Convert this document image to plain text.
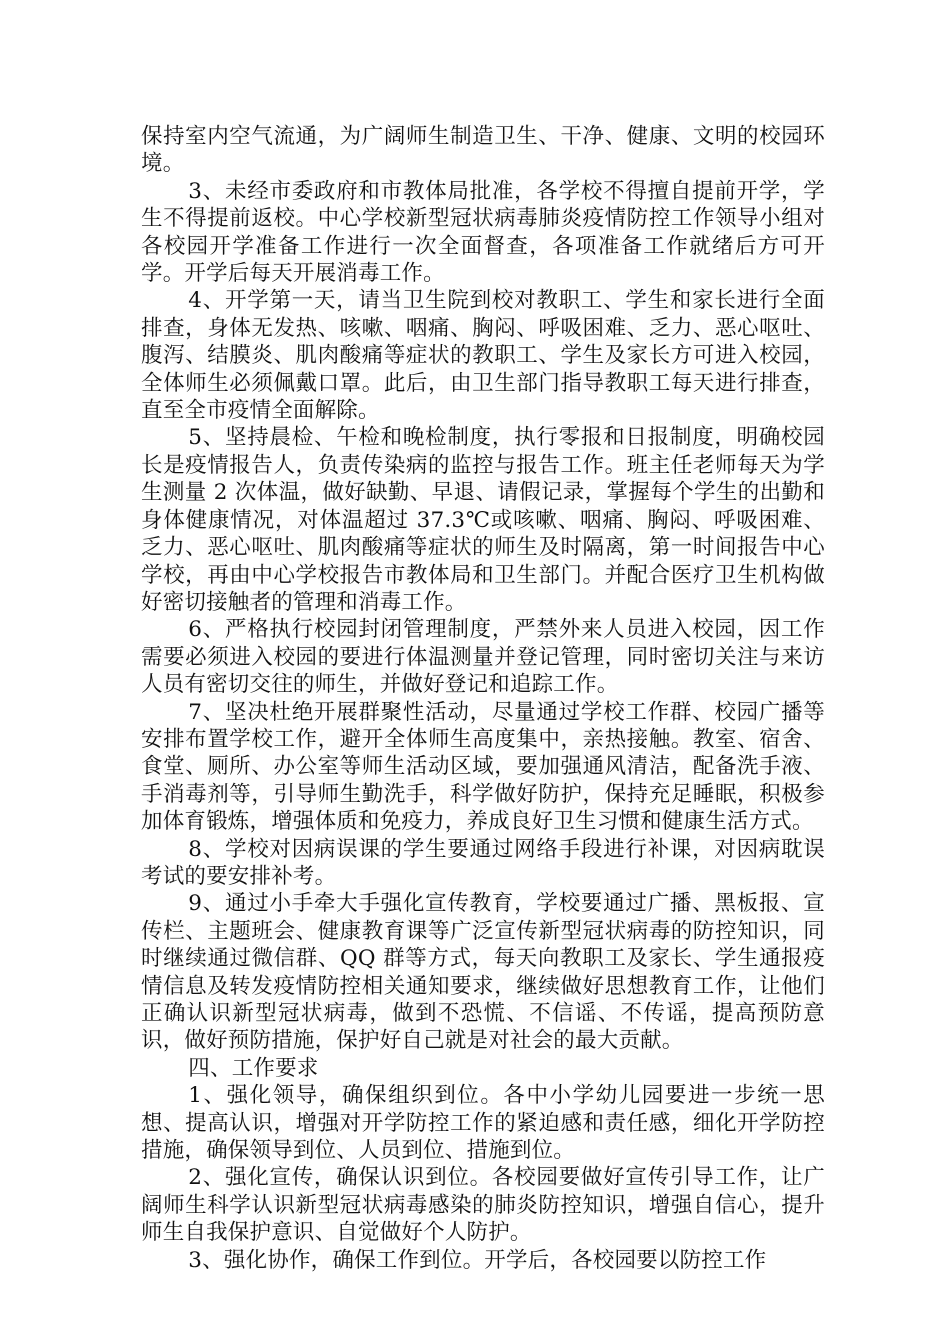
保持室内空气流通，为广阔师生制造卫生、干净、健康、文明的校园环境。

3、未经市委政府和市教体局批准，各学校不得擅自提前开学，学生不得提前返校。中心学校新型冠状病毒肺炎疫情防控工作领导小组对各校园开学准备工作进行一次全面督查，各项准备工作就绪后方可开学。开学后每天开展消毒工作。

4、开学第一天，请当卫生院到校对教职工、学生和家长进行全面排查，身体无发热、咳嗽、咽痛、胸闷、呼吸困难、乏力、恶心呕吐、腹泻、结膜炎、肌肉酸痛等症状的教职工、学生及家长方可进入校园，全体师生必须佩戴口罩。此后，由卫生部门指导教职工每天进行排查，直至全市疫情全面解除。

5、坚持晨检、午检和晚检制度，执行零报和日报制度，明确校园长是疫情报告人，负责传染病的监控与报告工作。班主任老师每天为学生测量 2 次体温，做好缺勤、早退、请假记录，掌握每个学生的出勤和身体健康情况，对体温超过 37.3℃或咳嗽、咽痛、胸闷、呼吸困难、乏力、恶心呕吐、肌肉酸痛等症状的师生及时隔离，第一时间报告中心学校，再由中心学校报告市教体局和卫生部门。并配合医疗卫生机构做好密切接触者的管理和消毒工作。

6、严格执行校园封闭管理制度，严禁外来人员进入校园，因工作需要必须进入校园的要进行体温测量并登记管理，同时密切关注与来访人员有密切交往的师生，并做好登记和追踪工作。

7、坚决杜绝开展群聚性活动，尽量通过学校工作群、校园广播等安排布置学校工作，避开全体师生高度集中，亲热接触。教室、宿舍、食堂、厕所、办公室等师生活动区域，要加强通风清洁，配备洗手液、手消毒剂等，引导师生勤洗手，科学做好防护，保持充足睡眠，积极参加体育锻炼，增强体质和免疫力，养成良好卫生习惯和健康生活方式。

8、学校对因病误课的学生要通过网络手段进行补课，对因病耽误考试的要安排补考。

9、通过小手牵大手强化宣传教育，学校要通过广播、黑板报、宣传栏、主题班会、健康教育课等广泛宣传新型冠状病毒的防控知识，同时继续通过微信群、QQ 群等方式，每天向教职工及家长、学生通报疫情信息及转发疫情防控相关通知要求，继续做好思想教育工作，让他们正确认识新型冠状病毒，做到不恐慌、不信谣、不传谣，提高预防意识，做好预防措施，保护好自己就是对社会的最大贡献。

四、工作要求

1、强化领导，确保组织到位。各中小学幼儿园要进一步统一思想、提高认识，增强对开学防控工作的紧迫感和责任感，细化开学防控措施，确保领导到位、人员到位、措施到位。

2、强化宣传，确保认识到位。各校园要做好宣传引导工作，让广阔师生科学认识新型冠状病毒感染的肺炎防控知识，增强自信心，提升师生自我保护意识、自觉做好个人防护。

3、强化协作，确保工作到位。开学后，各校园要以防控工作
